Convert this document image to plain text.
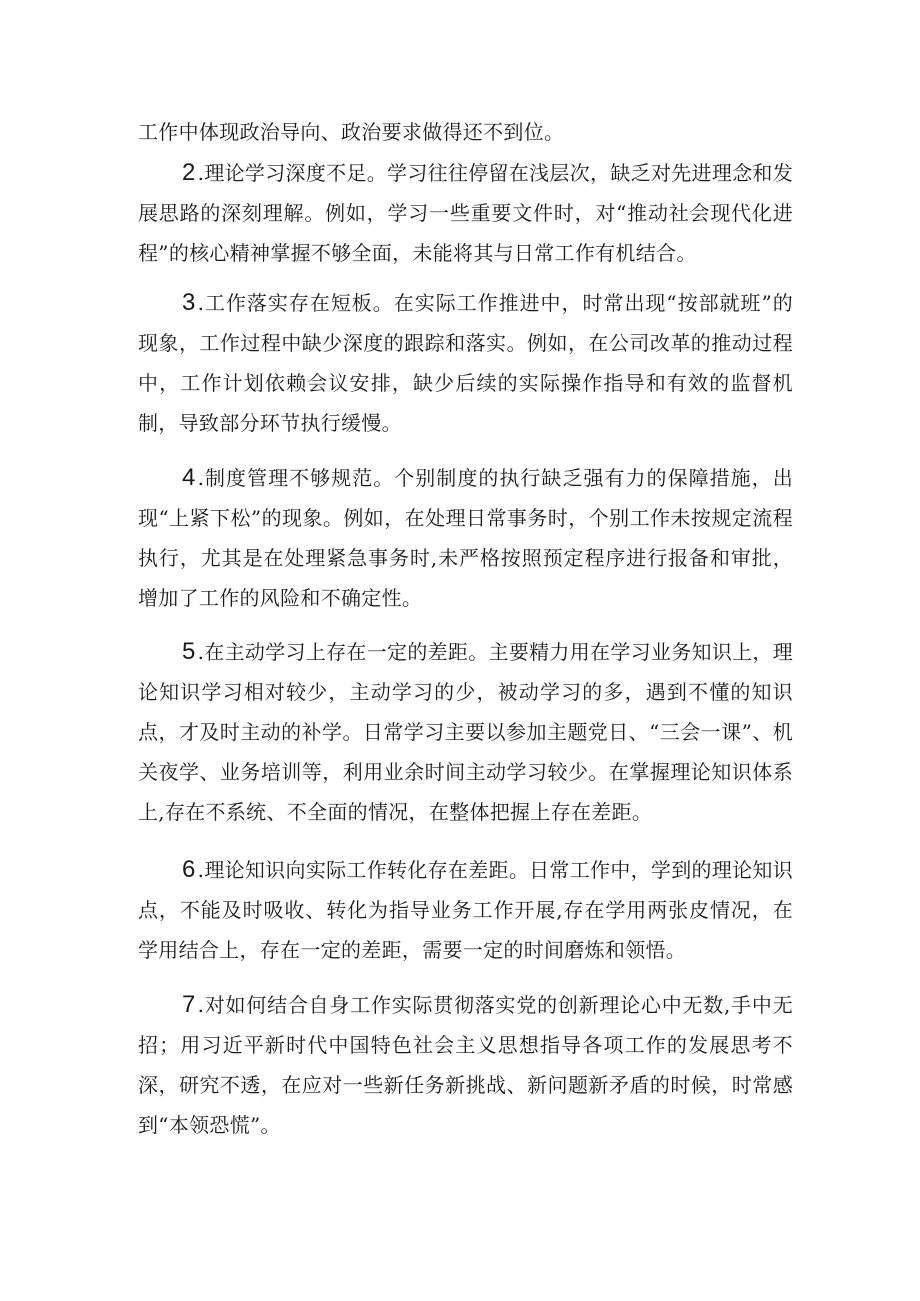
工作中体现政治导向、政治要求做得还不到位。

2 .理论学习深度不足。学习往往停留在浅层次，缺乏对先进理念和发展思路的深刻理解。例如，学习一些重要文件时，对“推动社会现代化进程”的核心精神掌握不够全面，未能将其与日常工作有机结合。

3 .工作落实存在短板。在实际工作推进中，时常出现“按部就班”的现象，工作过程中缺少深度的跟踪和落实。例如，在公司改革的推动过程中，工作计划依赖会议安排，缺少后续的实际操作指导和有效的监督机制，导致部分环节执行缓慢。

4 .制度管理不够规范。个别制度的执行缺乏强有力的保障措施，出现“上紧下松”的现象。例如，在处理日常事务时，个别工作未按规定流程执行，尤其是在处理紧急事务时,未严格按照预定程序进行报备和审批，增加了工作的风险和不确定性。

5 .在主动学习上存在一定的差距。主要精力用在学习业务知识上，理论知识学习相对较少，主动学习的少，被动学习的多，遇到不懂的知识点，才及时主动的补学。日常学习主要以参加主题党日、“三会一课”、机关夜学、业务培训等，利用业余时间主动学习较少。在掌握理论知识体系上,存在不系统、不全面的情况，在整体把握上存在差距。

6 .理论知识向实际工作转化存在差距。日常工作中，学到的理论知识点，不能及时吸收、转化为指导业务工作开展,存在学用两张皮情况，在学用结合上，存在一定的差距，需要一定的时间磨炼和领悟。

7 .对如何结合自身工作实际贯彻落实党的创新理论心中无数,手中无招；用习近平新时代中国特色社会主义思想指导各项工作的发展思考不深，研究不透，在应对一些新任务新挑战、新问题新矛盾的时候，时常感到“本领恐慌”。
